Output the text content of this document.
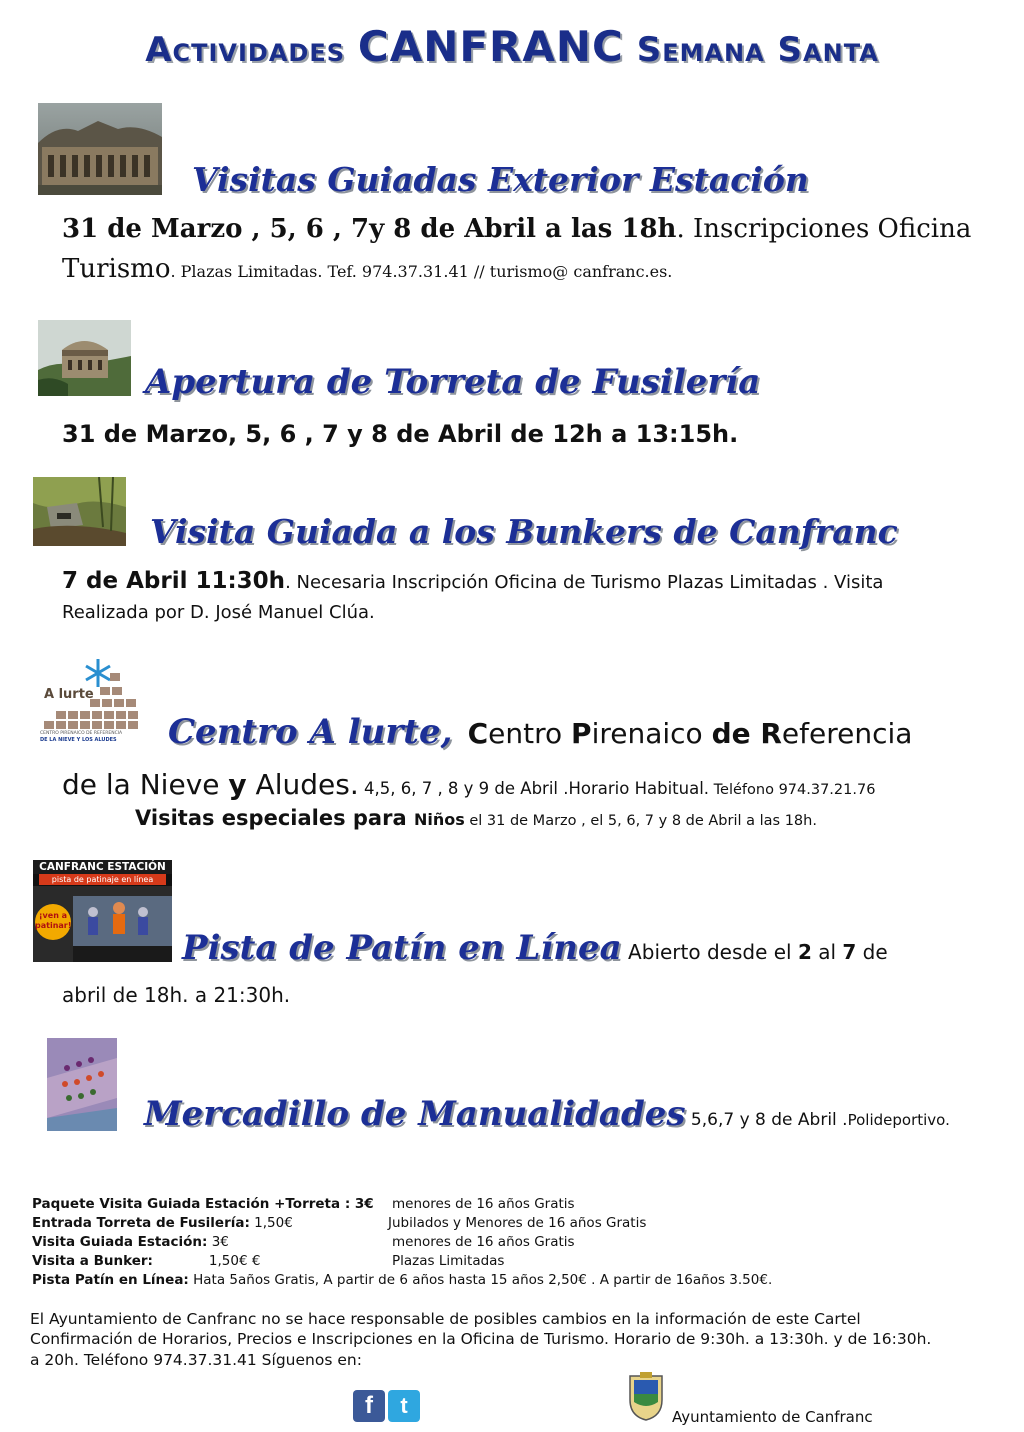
Actividades CANFRANC Semana Santa
Visitas Guiadas Exterior Estación
31 de Marzo , 5, 6 , 7y 8 de Abril a las 18h. Inscripciones Oficina
Turismo. Plazas Limitadas. Tef. 974.37.31.41 // turismo@ canfranc.es.
Apertura de Torreta de Fusilería
31 de Marzo, 5, 6 , 7 y 8 de Abril de 12h a 13:15h.
Visita Guiada a los Bunkers de Canfranc
7 de Abril 11:30h. Necesaria Inscripción Oficina de Turismo Plazas Limitadas . Visita
Realizada por D. José Manuel Clúa.
A lurte
CENTRO PIRENAICO DE REFERENCIA
DE LA NIEVE Y LOS ALUDES Centro A lurte, Centro Pirenaico de Referencia
de la Nieve y Aludes. 4,5, 6, 7 , 8 y 9 de Abril .Horario Habitual. Teléfono 974.37.21.76
Visitas especiales para Niños el 31 de Marzo , el 5, 6, 7 y 8 de Abril a las 18h.
CANFRANC ESTACIÓN
pista de patinaje en línea
¡ven a patinar!
Pista de Patín en Línea Abierto desde el 2 al 7 de
abril de 18h. a 21:30h.
Mercadillo de Manualidades 5,6,7 y 8 de Abril .Polideportivo.
Paquete Visita Guiada Estación +Torreta : 3€ menores de 16 años Gratis
Entrada Torreta de Fusilería: 1,50€	Jubilados y Menores de 16 años Gratis
Visita Guiada Estación: 3€	menores de 16 años Gratis
Visita a Bunker:	1,50€ €	Plazas Limitadas
Pista Patín en Línea: Hata 5años Gratis, A partir de 6 años hasta 15 años 2,50€ . A partir de 16años 3.50€.
El Ayuntamiento de Canfranc no se hace responsable de posibles cambios en la información de este Cartel
Confirmación de Horarios, Precios e Inscripciones en la Oficina de Turismo. Horario de 9:30h. a 13:30h. y de 16:30h.
a 20h. Teléfono 974.37.31.41 Síguenos en:
f t	Ayuntamiento de Canfranc
